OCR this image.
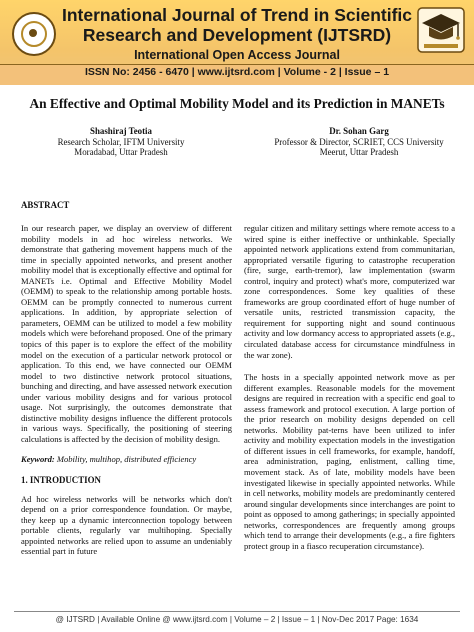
International Journal of Trend in Scientific
Research and Development (IJTSRD)
International Open Access Journal
ISSN No: 2456 - 6470 | www.ijtsrd.com | Volume - 2 | Issue – 1
An Effective and Optimal Mobility Model and its Prediction in MANETs
Shashiraj Teotia
Research Scholar, IFTM University
Moradabad, Uttar Pradesh
Dr. Sohan Garg
Professor & Director, SCRIET, CCS University
Meerut, Uttar Pradesh
ABSTRACT

In our research paper, we display an overview of different mobility models in ad hoc wireless networks. We demonstrate that gathering movement happens much of the time in specially appointed networks, and present another mobility model that is exceptionally effective and optimal for MANETs i.e. Optimal and Effective Mobility Model (OEMM) to speak to the relationship among portable hosts. OEMM can be promptly connected to numerous current applications. In addition, by appropriate selection of parameters, OEMM can be utilized to model a few mobility models which were beforehand proposed. One of the primary topics of this paper is to explore the effect of the mobility model on the execution of a particular network protocol or application. To this end, we have connected our OEMM model to two distinctive network protocol situations, bunching and directing, and have assessed network execution under various mobility designs and for various protocol usage. Not surprisingly, the outcomes demonstrate that distinctive mobility designs influence the different protocols in various ways. Specifically, the positioning of steering calculations is affected by the decision of mobility design.

Keyword: Mobility, multihop, distributed efficiency

1. INTRODUCTION

Ad hoc wireless networks will be networks which don't depend on a prior correspondence foundation. Or maybe, they keep up a dynamic interconnection topology between portable clients, regularly var multihoping. Specially appointed networks are relied upon to assume an undeniably essential part in future

regular citizen and military settings where remote access to a wired spine is either ineffective or unthinkable. Specially appointed network applications extend from communitarian, appropriated versatile figuring to catastrophe recuperation (fire, surge, earth-tremor), law implementation (swarm control, inquiry and protect) what's more, computerized war zone correspondences. Some key qualities of these frameworks are group coordinated effort of huge number of versatile units, restricted transmission capacity, the requirement for supporting night and sound continuous activity and low dormancy access to appropriated assets (e.g., circulated database access for circumstance mindfulness in the war zone).

The hosts in a specially appointed network move as per different examples. Reasonable models for the movement designs are required in recreation with a specific end goal to assess framework and protocol execution. A large portion of the prior research on mobility designs depended on cell networks. Mobility pat-terns have been utilized to infer activity and mobility expectation models in the investigation of different issues in cell frameworks, for example, handoff, area administration, paging, enlistment, calling time, movement stack. As of late, mobility models have been investigated likewise in specially appointed networks. While in cell networks, mobility models are predominantly centered around singular developments since interchanges are point to point as opposed to among gatherings; in specially appointed networks, correspondences are frequently among groups which tend to arrange their developments (e.g., a fire fighters protect group in a fiasco recuperation circumstance).

@ IJTSRD | Available Online @ www.ijtsrd.com | Volume – 2 | Issue – 1 | Nov-Dec 2017 Page: 1634
